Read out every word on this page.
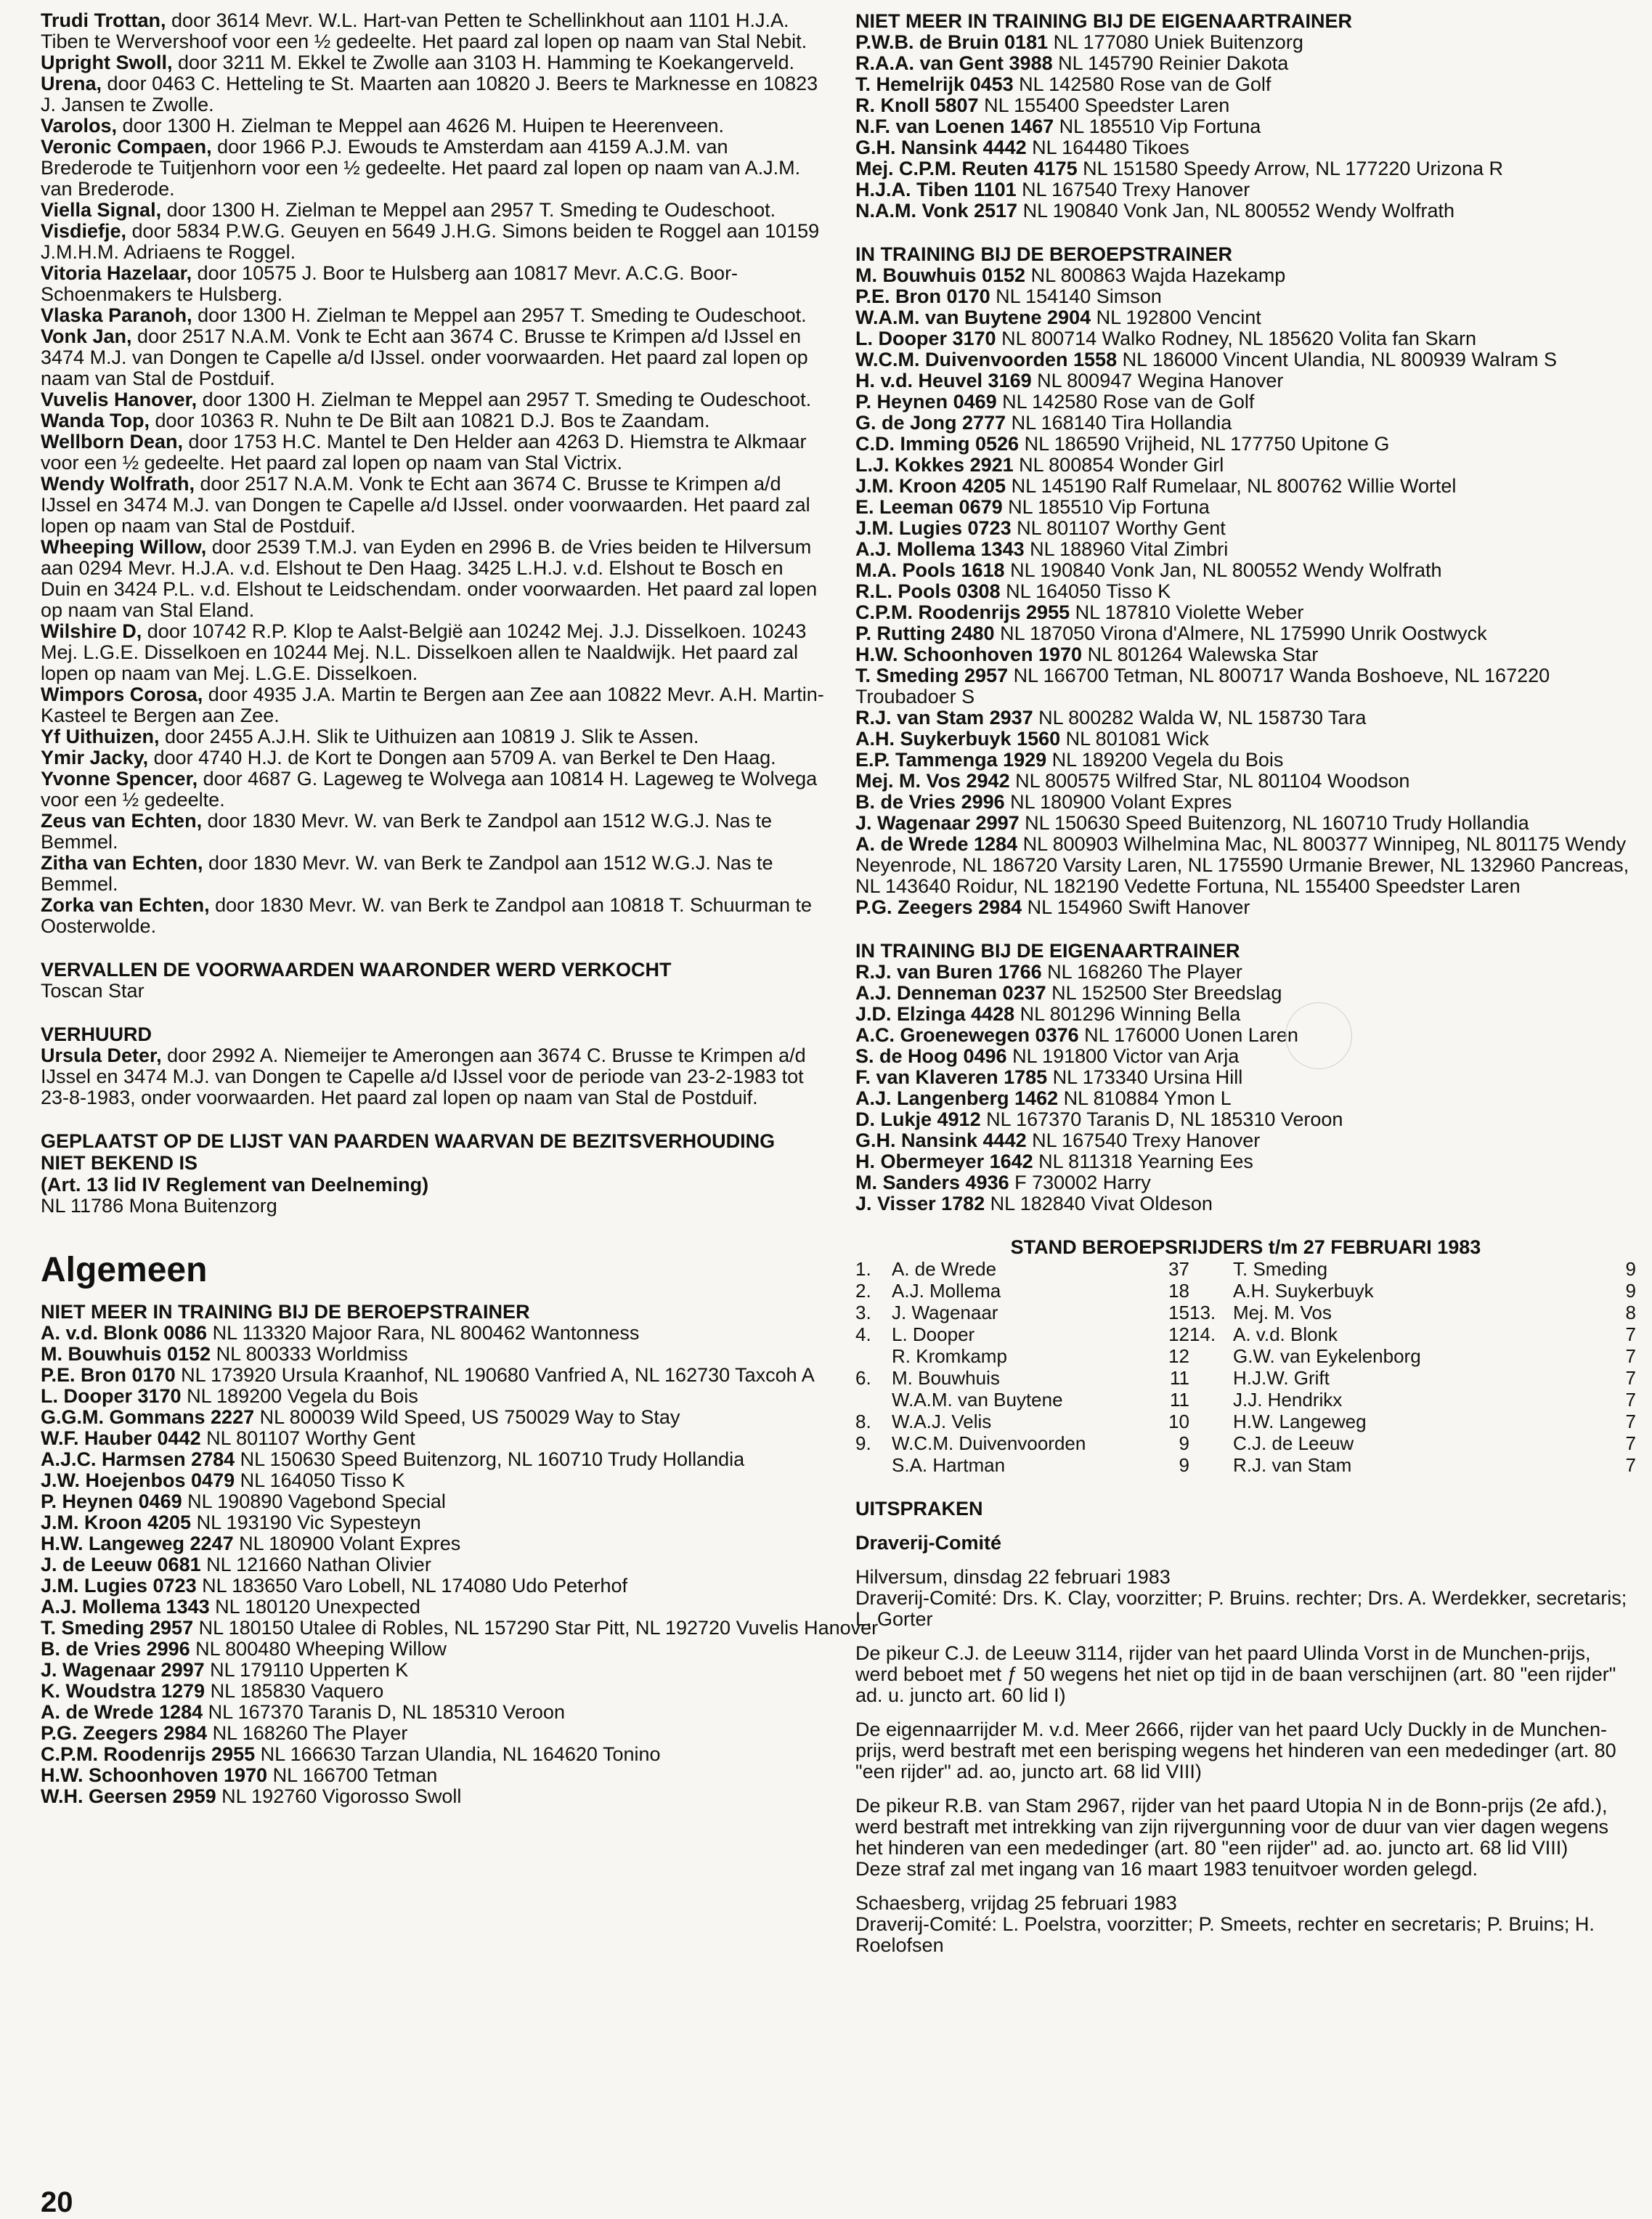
Trudi Trottan, door 3614 Mevr. W.L. Hart-van Petten te Schellinkhout aan 1101 H.J.A. Tiben te Wervershoof voor een ½ gedeelte. Het paard zal lopen op naam van Stal Nebit.
Upright Swoll, door 3211 M. Ekkel te Zwolle aan 3103 H. Hamming te Koekangerveld.
Urena, door 0463 C. Hetteling te St. Maarten aan 10820 J. Beers te Marknesse en 10823 J. Jansen te Zwolle.
Varolos, door 1300 H. Zielman te Meppel aan 4626 M. Huipen te Heerenveen.
Veronic Compaen, door 1966 P.J. Ewouds te Amsterdam aan 4159 A.J.M. van Brederode te Tuitjenhorn voor een ½ gedeelte. Het paard zal lopen op naam van A.J.M. van Brederode.
Viella Signal, door 1300 H. Zielman te Meppel aan 2957 T. Smeding te Oudeschoot.
Visdiefje, door 5834 P.W.G. Geuyen en 5649 J.H.G. Simons beiden te Roggel aan 10159 J.M.H.M. Adriaens te Roggel.
Vitoria Hazelaar, door 10575 J. Boor te Hulsberg aan 10817 Mevr. A.C.G. Boor-Schoenmakers te Hulsberg.
Vlaska Paranoh, door 1300 H. Zielman te Meppel aan 2957 T. Smeding te Oudeschoot.
Vonk Jan, door 2517 N.A.M. Vonk te Echt aan 3674 C. Brusse te Krimpen a/d IJssel en 3474 M.J. van Dongen te Capelle a/d IJssel. onder voorwaarden. Het paard zal lopen op naam van Stal de Postduif.
Vuvelis Hanover, door 1300 H. Zielman te Meppel aan 2957 T. Smeding te Oudeschoot.
Wanda Top, door 10363 R. Nuhn te De Bilt aan 10821 D.J. Bos te Zaandam.
Wellborn Dean, door 1753 H.C. Mantel te Den Helder aan 4263 D. Hiemstra te Alkmaar voor een ½ gedeelte. Het paard zal lopen op naam van Stal Victrix.
Wendy Wolfrath, door 2517 N.A.M. Vonk te Echt aan 3674 C. Brusse te Krimpen a/d IJssel en 3474 M.J. van Dongen te Capelle a/d IJssel. onder voorwaarden. Het paard zal lopen op naam van Stal de Postduif.
Wheeping Willow, door 2539 T.M.J. van Eyden en 2996 B. de Vries beiden te Hilversum aan 0294 Mevr. H.J.A. v.d. Elshout te Den Haag. 3425 L.H.J. v.d. Elshout te Bosch en Duin en 3424 P.L. v.d. Elshout te Leidschendam. onder voorwaarden. Het paard zal lopen op naam van Stal Eland.
Wilshire D, door 10742 R.P. Klop te Aalst-België aan 10242 Mej. J.J. Disselkoen. 10243 Mej. L.G.E. Disselkoen en 10244 Mej. N.L. Disselkoen allen te Naaldwijk. Het paard zal lopen op naam van Mej. L.G.E. Disselkoen.
Wimpors Corosa, door 4935 J.A. Martin te Bergen aan Zee aan 10822 Mevr. A.H. Martin-Kasteel te Bergen aan Zee.
Yf Uithuizen, door 2455 A.J.H. Slik te Uithuizen aan 10819 J. Slik te Assen.
Ymir Jacky, door 4740 H.J. de Kort te Dongen aan 5709 A. van Berkel te Den Haag.
Yvonne Spencer, door 4687 G. Lageweg te Wolvega aan 10814 H. Lageweg te Wolvega voor een ½ gedeelte.
Zeus van Echten, door 1830 Mevr. W. van Berk te Zandpol aan 1512 W.G.J. Nas te Bemmel.
Zitha van Echten, door 1830 Mevr. W. van Berk te Zandpol aan 1512 W.G.J. Nas te Bemmel.
Zorka van Echten, door 1830 Mevr. W. van Berk te Zandpol aan 10818 T. Schuurman te Oosterwolde.
VERVALLEN DE VOORWAARDEN WAARONDER WERD VERKOCHT
Toscan Star
VERHUURD
Ursula Deter, door 2992 A. Niemeijer te Amerongen aan 3674 C. Brusse te Krimpen a/d IJssel en 3474 M.J. van Dongen te Capelle a/d IJssel voor de periode van 23-2-1983 tot 23-8-1983, onder voorwaarden. Het paard zal lopen op naam van Stal de Postduif.
GEPLAATST OP DE LIJST VAN PAARDEN WAARVAN DE BEZITSVERHOUDING NIET BEKEND IS
(Art. 13 lid IV Reglement van Deelneming)
NL 11786 Mona Buitenzorg
Algemeen
NIET MEER IN TRAINING BIJ DE BEROEPSTRAINER
A. v.d. Blonk 0086 NL 113320 Majoor Rara, NL 800462 Wantonness
M. Bouwhuis 0152 NL 800333 Worldmiss
P.E. Bron 0170 NL 173920 Ursula Kraanhof, NL 190680 Vanfried A, NL 162730 Taxcoh A
L. Dooper 3170 NL 189200 Vegela du Bois
G.G.M. Gommans 2227 NL 800039 Wild Speed, US 750029 Way to Stay
W.F. Hauber 0442 NL 801107 Worthy Gent
A.J.C. Harmsen 2784 NL 150630 Speed Buitenzorg, NL 160710 Trudy Hollandia
J.W. Hoejenbos 0479 NL 164050 Tisso K
P. Heynen 0469 NL 190890 Vagebond Special
J.M. Kroon 4205 NL 193190 Vic Sypesteyn
H.W. Langeweg 2247 NL 180900 Volant Expres
J. de Leeuw 0681 NL 121660 Nathan Olivier
J.M. Lugies 0723 NL 183650 Varo Lobell, NL 174080 Udo Peterhof
A.J. Mollema 1343 NL 180120 Unexpected
T. Smeding 2957 NL 180150 Utalee di Robles, NL 157290 Star Pitt, NL 192720 Vuvelis Hanover
B. de Vries 2996 NL 800480 Wheeping Willow
J. Wagenaar 2997 NL 179110 Upperten K
K. Woudstra 1279 NL 185830 Vaquero
A. de Wrede 1284 NL 167370 Taranis D, NL 185310 Veroon
P.G. Zeegers 2984 NL 168260 The Player
C.P.M. Roodenrijs 2955 NL 166630 Tarzan Ulandia, NL 164620 Tonino
H.W. Schoonhoven 1970 NL 166700 Tetman
W.H. Geersen 2959 NL 192760 Vigorosso Swoll
NIET MEER IN TRAINING BIJ DE EIGENAARTRAINER
P.W.B. de Bruin 0181 NL 177080 Uniek Buitenzorg
R.A.A. van Gent 3988 NL 145790 Reinier Dakota
T. Hemelrijk 0453 NL 142580 Rose van de Golf
R. Knoll 5807 NL 155400 Speedster Laren
N.F. van Loenen 1467 NL 185510 Vip Fortuna
G.H. Nansink 4442 NL 164480 Tikoes
Mej. C.P.M. Reuten 4175 NL 151580 Speedy Arrow, NL 177220 Urizona R
H.J.A. Tiben 1101 NL 167540 Trexy Hanover
N.A.M. Vonk 2517 NL 190840 Vonk Jan, NL 800552 Wendy Wolfrath
IN TRAINING BIJ DE BEROEPSTRAINER
M. Bouwhuis 0152 NL 800863 Wajda Hazekamp
P.E. Bron 0170 NL 154140 Simson
W.A.M. van Buytene 2904 NL 192800 Vencint
L. Dooper 3170 NL 800714 Walko Rodney, NL 185620 Volita fan Skarn
W.C.M. Duivenvoorden 1558 NL 186000 Vincent Ulandia, NL 800939 Walram S
H. v.d. Heuvel 3169 NL 800947 Wegina Hanover
P. Heynen 0469 NL 142580 Rose van de Golf
G. de Jong 2777 NL 168140 Tira Hollandia
C.D. Imming 0526 NL 186590 Vrijheid, NL 177750 Upitone G
L.J. Kokkes 2921 NL 800854 Wonder Girl
J.M. Kroon 4205 NL 145190 Ralf Rumelaar, NL 800762 Willie Wortel
E. Leeman 0679 NL 185510 Vip Fortuna
J.M. Lugies 0723 NL 801107 Worthy Gent
A.J. Mollema 1343 NL 188960 Vital Zimbri
M.A. Pools 1618 NL 190840 Vonk Jan, NL 800552 Wendy Wolfrath
R.L. Pools 0308 NL 164050 Tisso K
C.P.M. Roodenrijs 2955 NL 187810 Violette Weber
P. Rutting 2480 NL 187050 Virona d'Almere, NL 175990 Unrik Oostwyck
H.W. Schoonhoven 1970 NL 801264 Walewska Star
T. Smeding 2957 NL 166700 Tetman, NL 800717 Wanda Boshoeve, NL 167220 Troubadoer S
R.J. van Stam 2937 NL 800282 Walda W, NL 158730 Tara
A.H. Suykerbuyk 1560 NL 801081 Wick
E.P. Tammenga 1929 NL 189200 Vegela du Bois
Mej. M. Vos 2942 NL 800575 Wilfred Star, NL 801104 Woodson
B. de Vries 2996 NL 180900 Volant Expres
J. Wagenaar 2997 NL 150630 Speed Buitenzorg, NL 160710 Trudy Hollandia
A. de Wrede 1284 NL 800903 Wilhelmina Mac, NL 800377 Winnipeg, NL 801175 Wendy Neyenrode, NL 186720 Varsity Laren, NL 175590 Urmanie Brewer, NL 132960 Pancreas, NL 143640 Roidur, NL 182190 Vedette Fortuna, NL 155400 Speedster Laren
P.G. Zeegers 2984 NL 154960 Swift Hanover
IN TRAINING BIJ DE EIGENAARTRAINER
R.J. van Buren 1766 NL 168260 The Player
A.J. Denneman 0237 NL 152500 Ster Breedslag
J.D. Elzinga 4428 NL 801296 Winning Bella
A.C. Groenewegen 0376 NL 176000 Uonen Laren
S. de Hoog 0496 NL 191800 Victor van Arja
F. van Klaveren 1785 NL 173340 Ursina Hill
A.J. Langenberg 1462 NL 810884 Ymon L
D. Lukje 4912 NL 167370 Taranis D, NL 185310 Veroon
G.H. Nansink 4442 NL 167540 Trexy Hanover
H. Obermeyer 1642 NL 811318 Yearning Ees
M. Sanders 4936 F 730002 Harry
J. Visser 1782 NL 182840 Vivat Oldeson
STAND BEROEPSRIJDERS t/m 27 FEBRUARI 1983
1.	A. de Wrede	37		T. Smeding	9
2.	A.J. Mollema	18		A.H. Suykerbuyk	9
3.	J. Wagenaar	15	13.	Mej. M. Vos	8
4.	L. Dooper	12	14.	A. v.d. Blonk	7
	R. Kromkamp	12		G.W. van Eykelenborg	7
6.	M. Bouwhuis	11		H.J.W. Grift	7
	W.A.M. van Buytene	11		J.J. Hendrikx	7
8.	W.A.J. Velis	10		H.W. Langeweg	7
9.	W.C.M. Duivenvoorden	9		C.J. de Leeuw	7
	S.A. Hartman	9		R.J. van Stam	7
UITSPRAKEN
Draverij-Comité

Hilversum, dinsdag 22 februari 1983

Draverij-Comité: Drs. K. Clay, voorzitter; P. Bruins. rechter; Drs. A. Werdekker, secretaris; L. Gorter

De pikeur C.J. de Leeuw 3114, rijder van het paard Ulinda Vorst in de Munchen-prijs, werd beboet met ƒ 50 wegens het niet op tijd in de baan verschijnen (art. 80 "een rijder" ad. u. juncto art. 60 lid I)

De eigennaarrijder M. v.d. Meer 2666, rijder van het paard Ucly Duckly in de Munchen-prijs, werd bestraft met een berisping wegens het hinderen van een mededinger (art. 80 "een rijder" ad. ao, juncto art. 68 lid VIII)

De pikeur R.B. van Stam 2967, rijder van het paard Utopia N in de Bonn-prijs (2e afd.), werd bestraft met intrekking van zijn rijvergunning voor de duur van vier dagen wegens het hinderen van een mededinger (art. 80 "een rijder" ad. ao. juncto art. 68 lid VIII)

Deze straf zal met ingang van 16 maart 1983 tenuitvoer worden gelegd.

Schaesberg, vrijdag 25 februari 1983

Draverij-Comité: L. Poelstra, voorzitter; P. Smeets, rechter en secretaris; P. Bruins; H. Roelofsen

20
